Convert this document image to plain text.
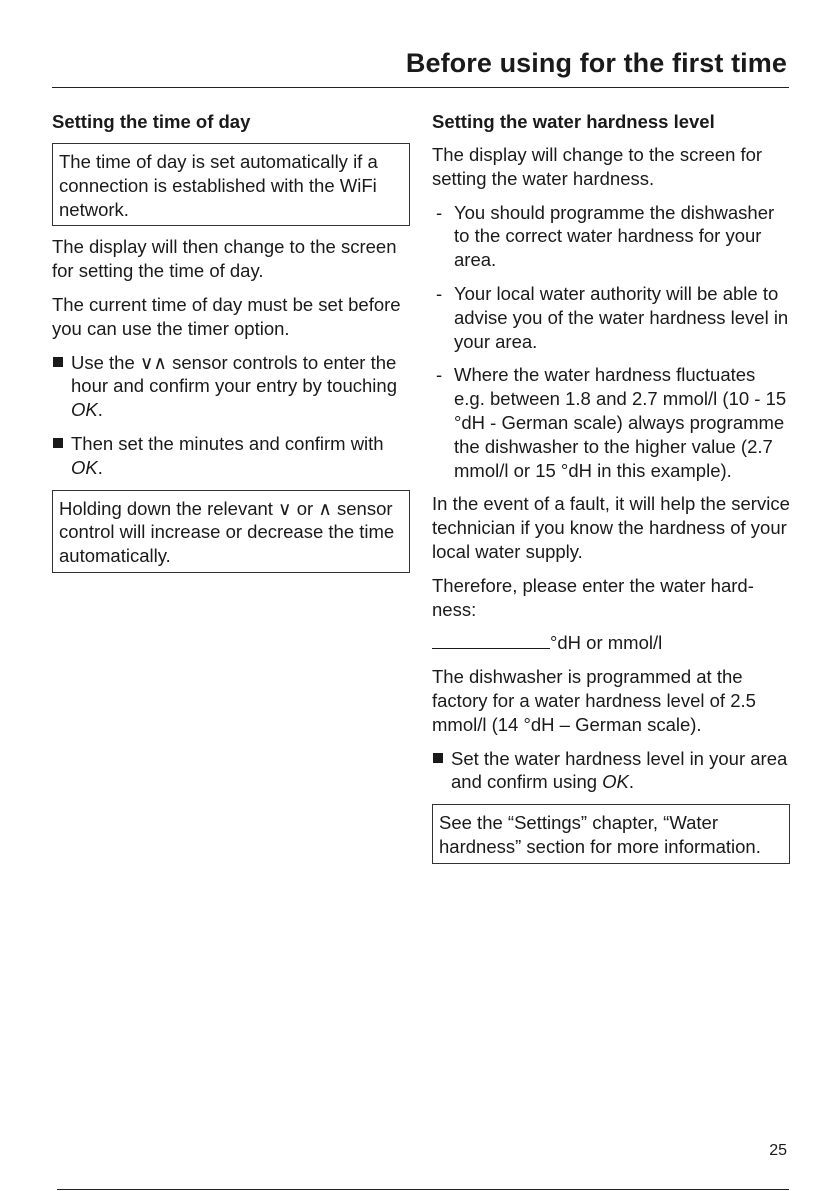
Before using for the first time
Setting the time of day
The time of day is set automatically if a connection is established with the WiFi network.

The display will then change to the screen for setting the time of day.

The current time of day must be set before you can use the timer option.

Use the ∨∧ sensor controls to enter the hour and confirm your entry by touching OK.
Then set the minutes and confirm with OK.
Holding down the relevant ∨ or ∧ sensor control will increase or decrease the time automatically.
Setting the water hardness level

The display will change to the screen for setting the water hardness.

- You should programme the dishwasher to the correct water hardness for your area.
- Your local water authority will be able to advise you of the water hardness level in your area.
- Where the water hardness fluctuates e.g. between 1.8 and 2.7 mmol/l (10 - 15 °dH - German scale) always programme the dishwasher to the higher value (2.7 mmol/l or 15 °dH in this example).

In the event of a fault, it will help the service technician if you know the hardness of your local water supply.

Therefore, please enter the water hardness:

°dH or mmol/l

The dishwasher is programmed at the factory for a water hardness level of 2.5 mmol/l (14 °dH – German scale).

Set the water hardness level in your area and confirm using OK.
See the “Settings” chapter, “Water hardness” section for more information.
25
